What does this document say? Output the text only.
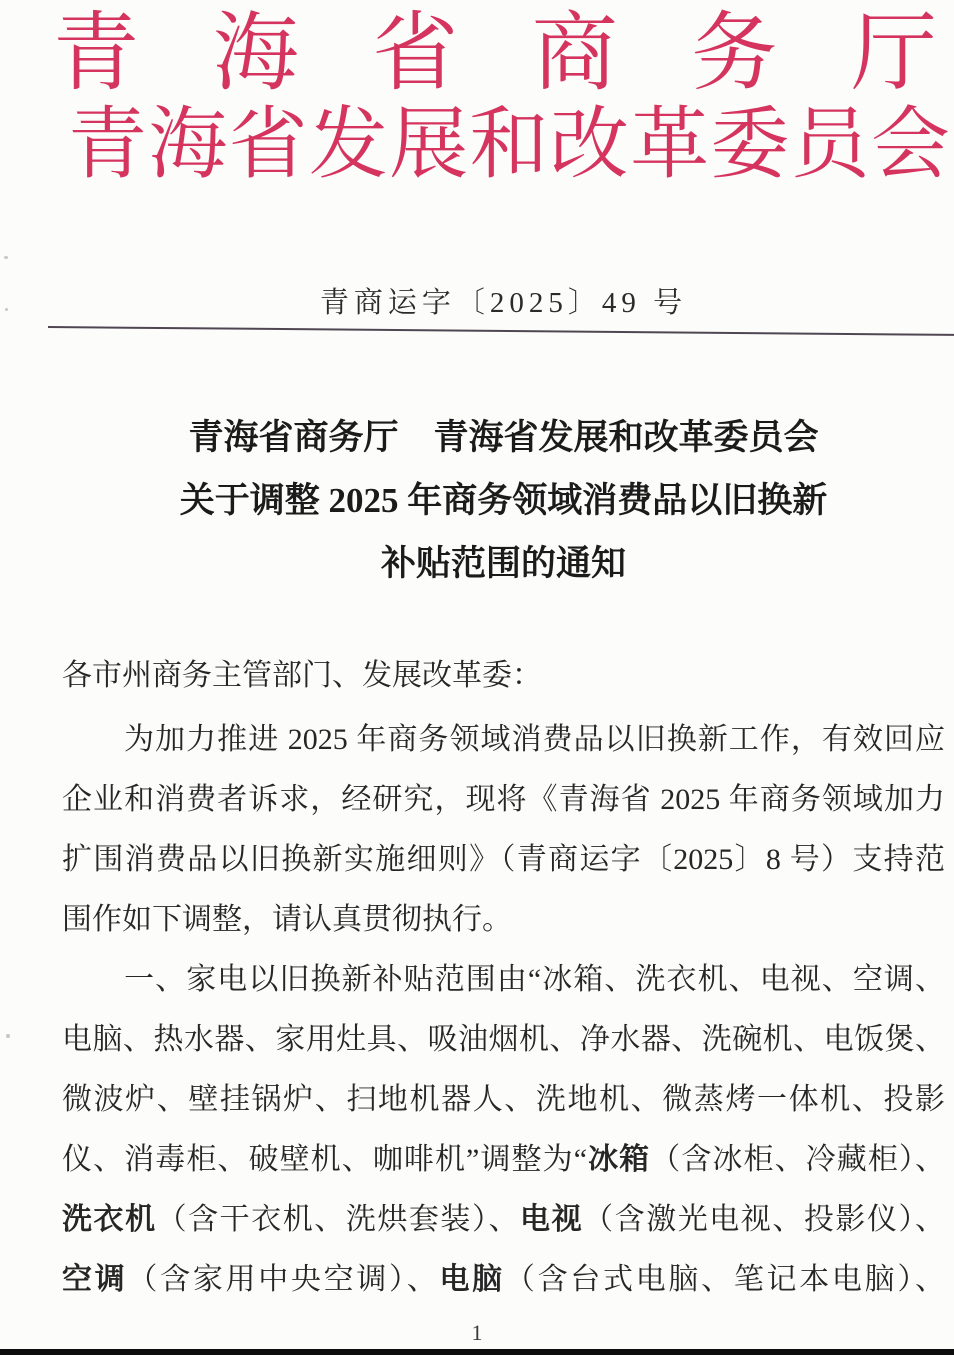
青 海 省 商 务 厅
青 海 省 发 展 和 改 革 委 员 会
青商运字〔2025〕49 号
青海省商务厅　青海省发展和改革委员会
关于调整 2025 年商务领域消费品以旧换新
补贴范围的通知
各市州商务主管部门、发展改革委：
　　为加力推进 2025 年商务领域消费品以旧换新工作，有效回应
企业和消费者诉求，经研究，现将《青海省 2025 年商务领域加力
扩围消费品以旧换新实施细则》（青商运字〔2025〕8 号）支持范
围作如下调整，请认真贯彻执行。
　　一、家电以旧换新补贴范围由“冰箱、洗衣机、电视、空调、
电脑、热水器、家用灶具、吸油烟机、净水器、洗碗机、电饭煲、
微波炉、壁挂锅炉、扫地机器人、洗地机、微蒸烤一体机、投影
仪、消毒柜、破壁机、咖啡机”调整为“冰箱（含冰柜、冷藏柜）、
洗衣机（含干衣机、洗烘套装）、电视（含激光电视、投影仪）、
空调（含家用中央空调）、电脑（含台式电脑、笔记本电脑）、
1
